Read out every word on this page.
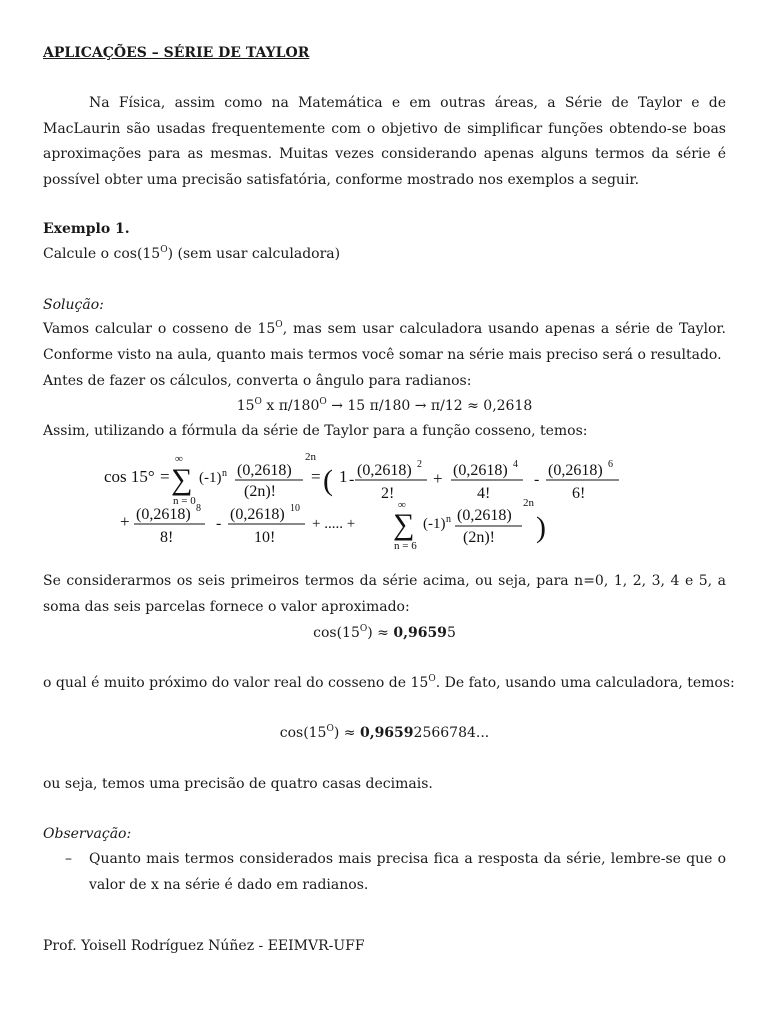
APLICAÇÕES – SÉRIE DE TAYLOR
Na Física, assim como na Matemática e em outras áreas, a Série de Taylor e de MacLaurin são usadas frequentemente com o objetivo de simplificar funções obtendo-se boas aproximações para as mesmas. Muitas vezes considerando apenas alguns termos da série é possível obter uma precisão satisfatória, conforme mostrado nos exemplos a seguir.
Exemplo 1.
Calcule o $\cos(15^O)$ (sem usar calculadora)
Solução:
Vamos calcular o cosseno de $15^O$, mas sem usar calculadora usando apenas a série de Taylor. Conforme visto na aula, quanto mais termos você somar na série mais preciso será o resultado.
Antes de fazer os cálculos, converta o ângulo para radianos:
$15^O$ x $\pi/180^O \to 15$ π/180 → π/12 ≈ 0,2618
Assim, utilizando a fórmula da série de Taylor para a função cosseno, temos:
Se considerarmos os seis primeiros termos da série acima, ou seja, para n=0, 1, 2, 3, 4 e 5, a soma das seis parcelas fornece o valor aproximado:
$\cos(15^O) \approx 0,96595$
o qual é muito próximo do valor real do cosseno de $15^O$. De fato, usando uma calculadora, temos:
$\cos(15^O) \approx 0,96592566784$...
ou seja, temos uma precisão de quatro casas decimais.
Observação:
– Quanto mais termos considerados mais precisa fica a resposta da série, lembre-se que o valor de x na série é dado em radianos.
Prof. Yoisell Rodríguez Núñez - EEIMVR-UFF
cos 15° =
∞
∑
n = 0
(-1) n (0,2618)
2n
(2n)!
= ( 1 -
(0,2618) 2
2!
+ (0,2618) 4
4!
-
(0,2618) 6
6!
+ (0,2618) 8
8!
-
(0,2618) 10
10!
+ ..... +
∞
∑
n = 6
(-1) n (0,2618)
2n
(2n)! )
